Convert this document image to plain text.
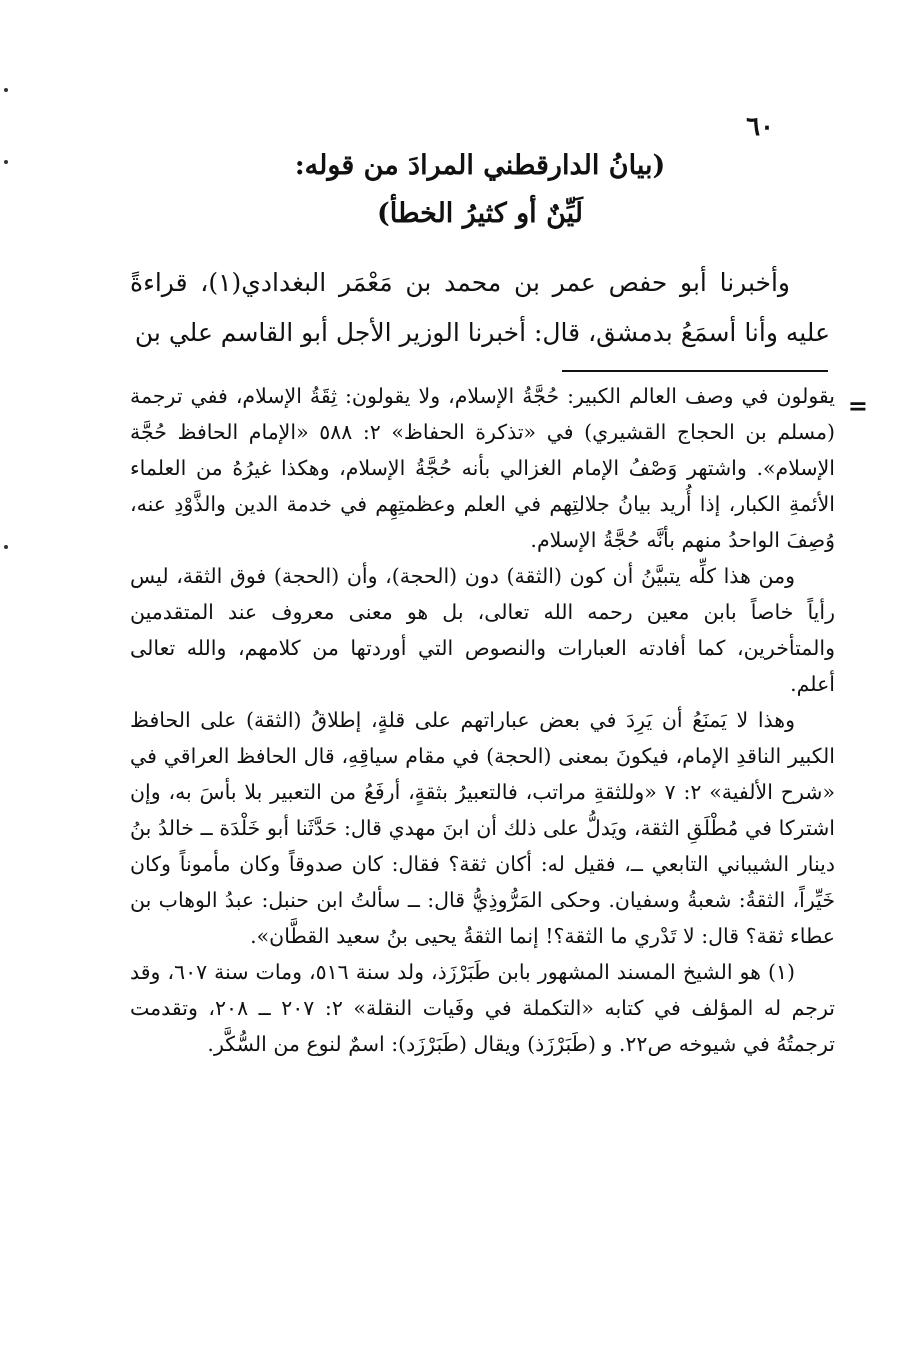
٦٠
(بيانُ الدارقطني المرادَ من قوله:
لَيِّنٌ أو كثيرُ الخطأ)

وأخبرنا أبو حفص عمر بن محمد بن مَعْمَر البغدادي(١)، قراءةً عليه وأنا أسمَعُ بدمشق، قال: أخبرنا الوزير الأجل أبو القاسم علي بن

=

يقولون في وصف العالم الكبير: حُجَّةُ الإسلام، ولا يقولون: ثِقَةُ الإسلام، ففي ترجمة (مسلم بن الحجاج القشيري) في «تذكرة الحفاظ» ٢: ٥٨٨ «الإمام الحافظ حُجَّة الإسلام». واشتهر وَصْفُ الإمام الغزالي بأنه حُجَّةُ الإسلام، وهكذا غيرُهُ من العلماء الأئمةِ الكبار، إذا أُريد بيانُ جلالتِهم في العلم وعظمتِهِم في خدمة الدين والذَّوْدِ عنه، وُصِفَ الواحدُ منهم بأنَّه حُجَّةُ الإسلام.

ومن هذا كلِّه يتبيَّنُ أن كون (الثقة) دون (الحجة)، وأن (الحجة) فوق الثقة، ليس رأياً خاصاً بابن معين رحمه الله تعالى، بل هو معنى معروف عند المتقدمين والمتأخرين، كما أفادته العبارات والنصوص التي أوردتها من كلامهم، والله تعالى أعلم.

وهذا لا يَمنَعُ أن يَرِدَ في بعض عباراتهم على قلةٍ، إطلاقُ (الثقة) على الحافظ الكبير الناقدِ الإمام، فيكونَ بمعنى (الحجة) في مقام سياقِهِ، قال الحافظ العراقي في «شرح الألفية» ٢: ٧ «وللثقةِ مراتب، فالتعبيرُ بثقةٍ، أرفَعُ من التعبير بلا بأسَ به، وإن اشتركا في مُطْلَقِ الثقة، ويَدلُّ على ذلك أن ابنَ مهدي قال: حَدَّثَنا أبو خَلْدَة ــ خالدُ بنُ دينار الشيباني التابعي ــ، فقيل له: أكان ثقة؟ فقال: كان صدوقاً وكان مأموناً وكان خَيِّراً، الثقةُ: شعبةُ وسفيان. وحكى المَرُّوذِيُّ قال: ــ سألتُ ابن حنبل: عبدُ الوهاب بن عطاء ثقة؟ قال: لا تَدْري ما الثقة؟! إنما الثقةُ يحيى بنُ سعيد القطَّان».

(١) هو الشيخ المسند المشهور بابن طَبَرْزَذ، ولد سنة ٥١٦، ومات سنة ٦٠٧، وقد ترجم له المؤلف في كتابه «التكملة في وفَيات النقلة» ٢: ٢٠٧ ــ ٢٠٨، وتقدمت ترجمتُهُ في شيوخه ص٢٢. و (طَبَرْزَذ) ويقال (طَبَرْزَد): اسمٌ لنوع من السُّكَّر.
